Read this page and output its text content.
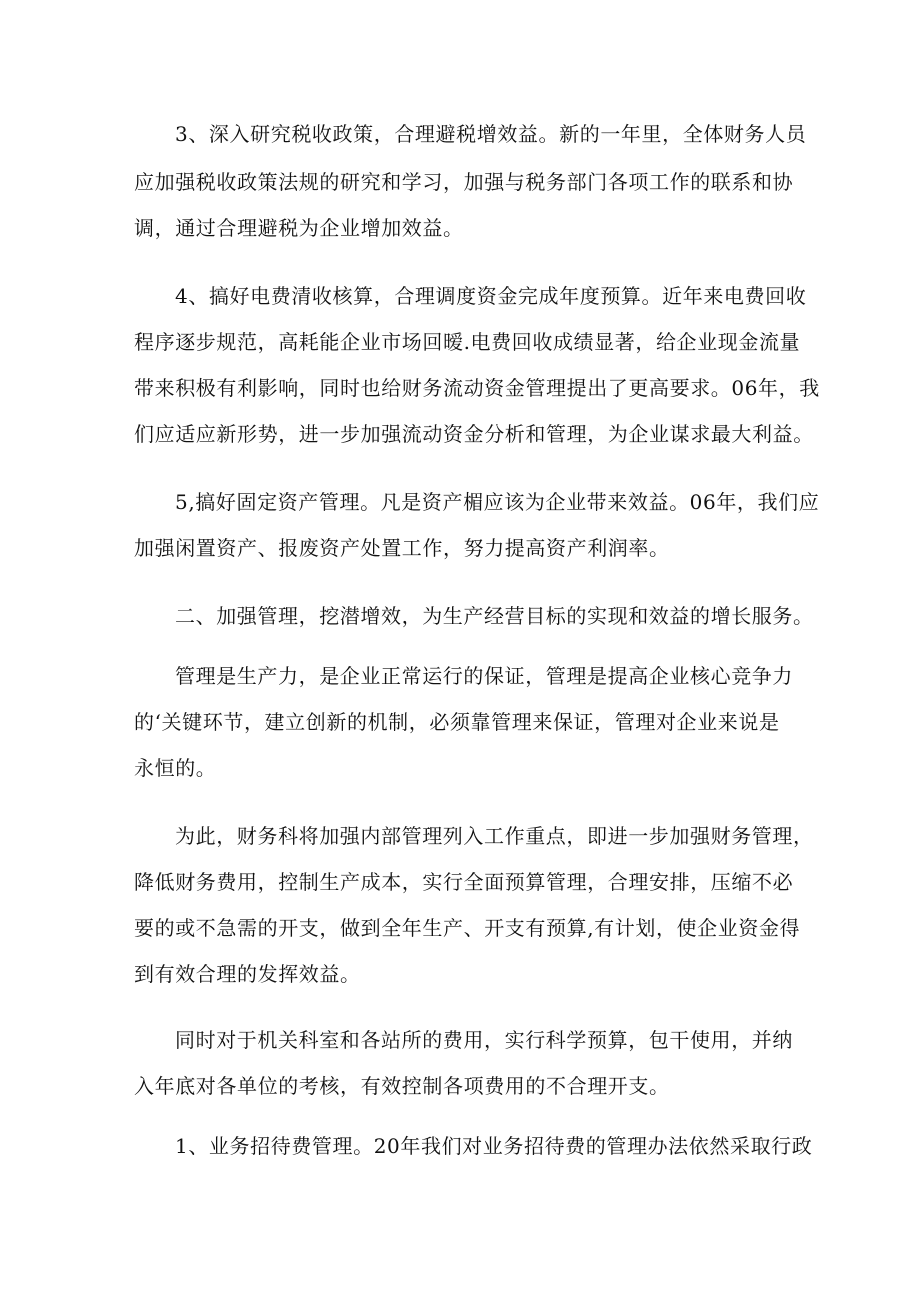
3、深入研究税收政策，合理避税增效益。新的一年里，全体财务人员
应加强税收政策法规的研究和学习，加强与税务部门各项工作的联系和协
调，通过合理避税为企业增加效益。
4、搞好电费清收核算，合理调度资金完成年度预算。近年来电费回收
程序逐步规范，高耗能企业市场回暧.电费回收成绩显著，给企业现金流量
带来积极有利影响，同时也给财务流动资金管理提出了更高要求。06年，我
们应适应新形势，进一步加强流动资金分析和管理，为企业谋求最大利益。
5,搞好固定资产管理。凡是资产楣应该为企业带来效益。06年，我们应
加强闲置资产、报废资产处置工作，努力提高资产利润率。
二、加强管理，挖潜增效，为生产经营目标的实现和效益的增长服务。
管理是生产力，是企业正常运行的保证，管理是提高企业核心竞争力
的‘关键环节，建立创新的机制，必须靠管理来保证，管理对企业来说是
永恒的。
为此，财务科将加强内部管理列入工作重点，即进一步加强财务管理，
降低财务费用，控制生产成本，实行全面预算管理，合理安排，压缩不必
要的或不急需的开支，做到全年生产、开支有预算,有计划，使企业资金得
到有效合理的发挥效益。
同时对于机关科室和各站所的费用，实行科学预算，包干使用，并纳
入年底对各单位的考核，有效控制各项费用的不合理开支。
1、业务招待费管理。20年我们对业务招待费的管理办法依然采取行政
